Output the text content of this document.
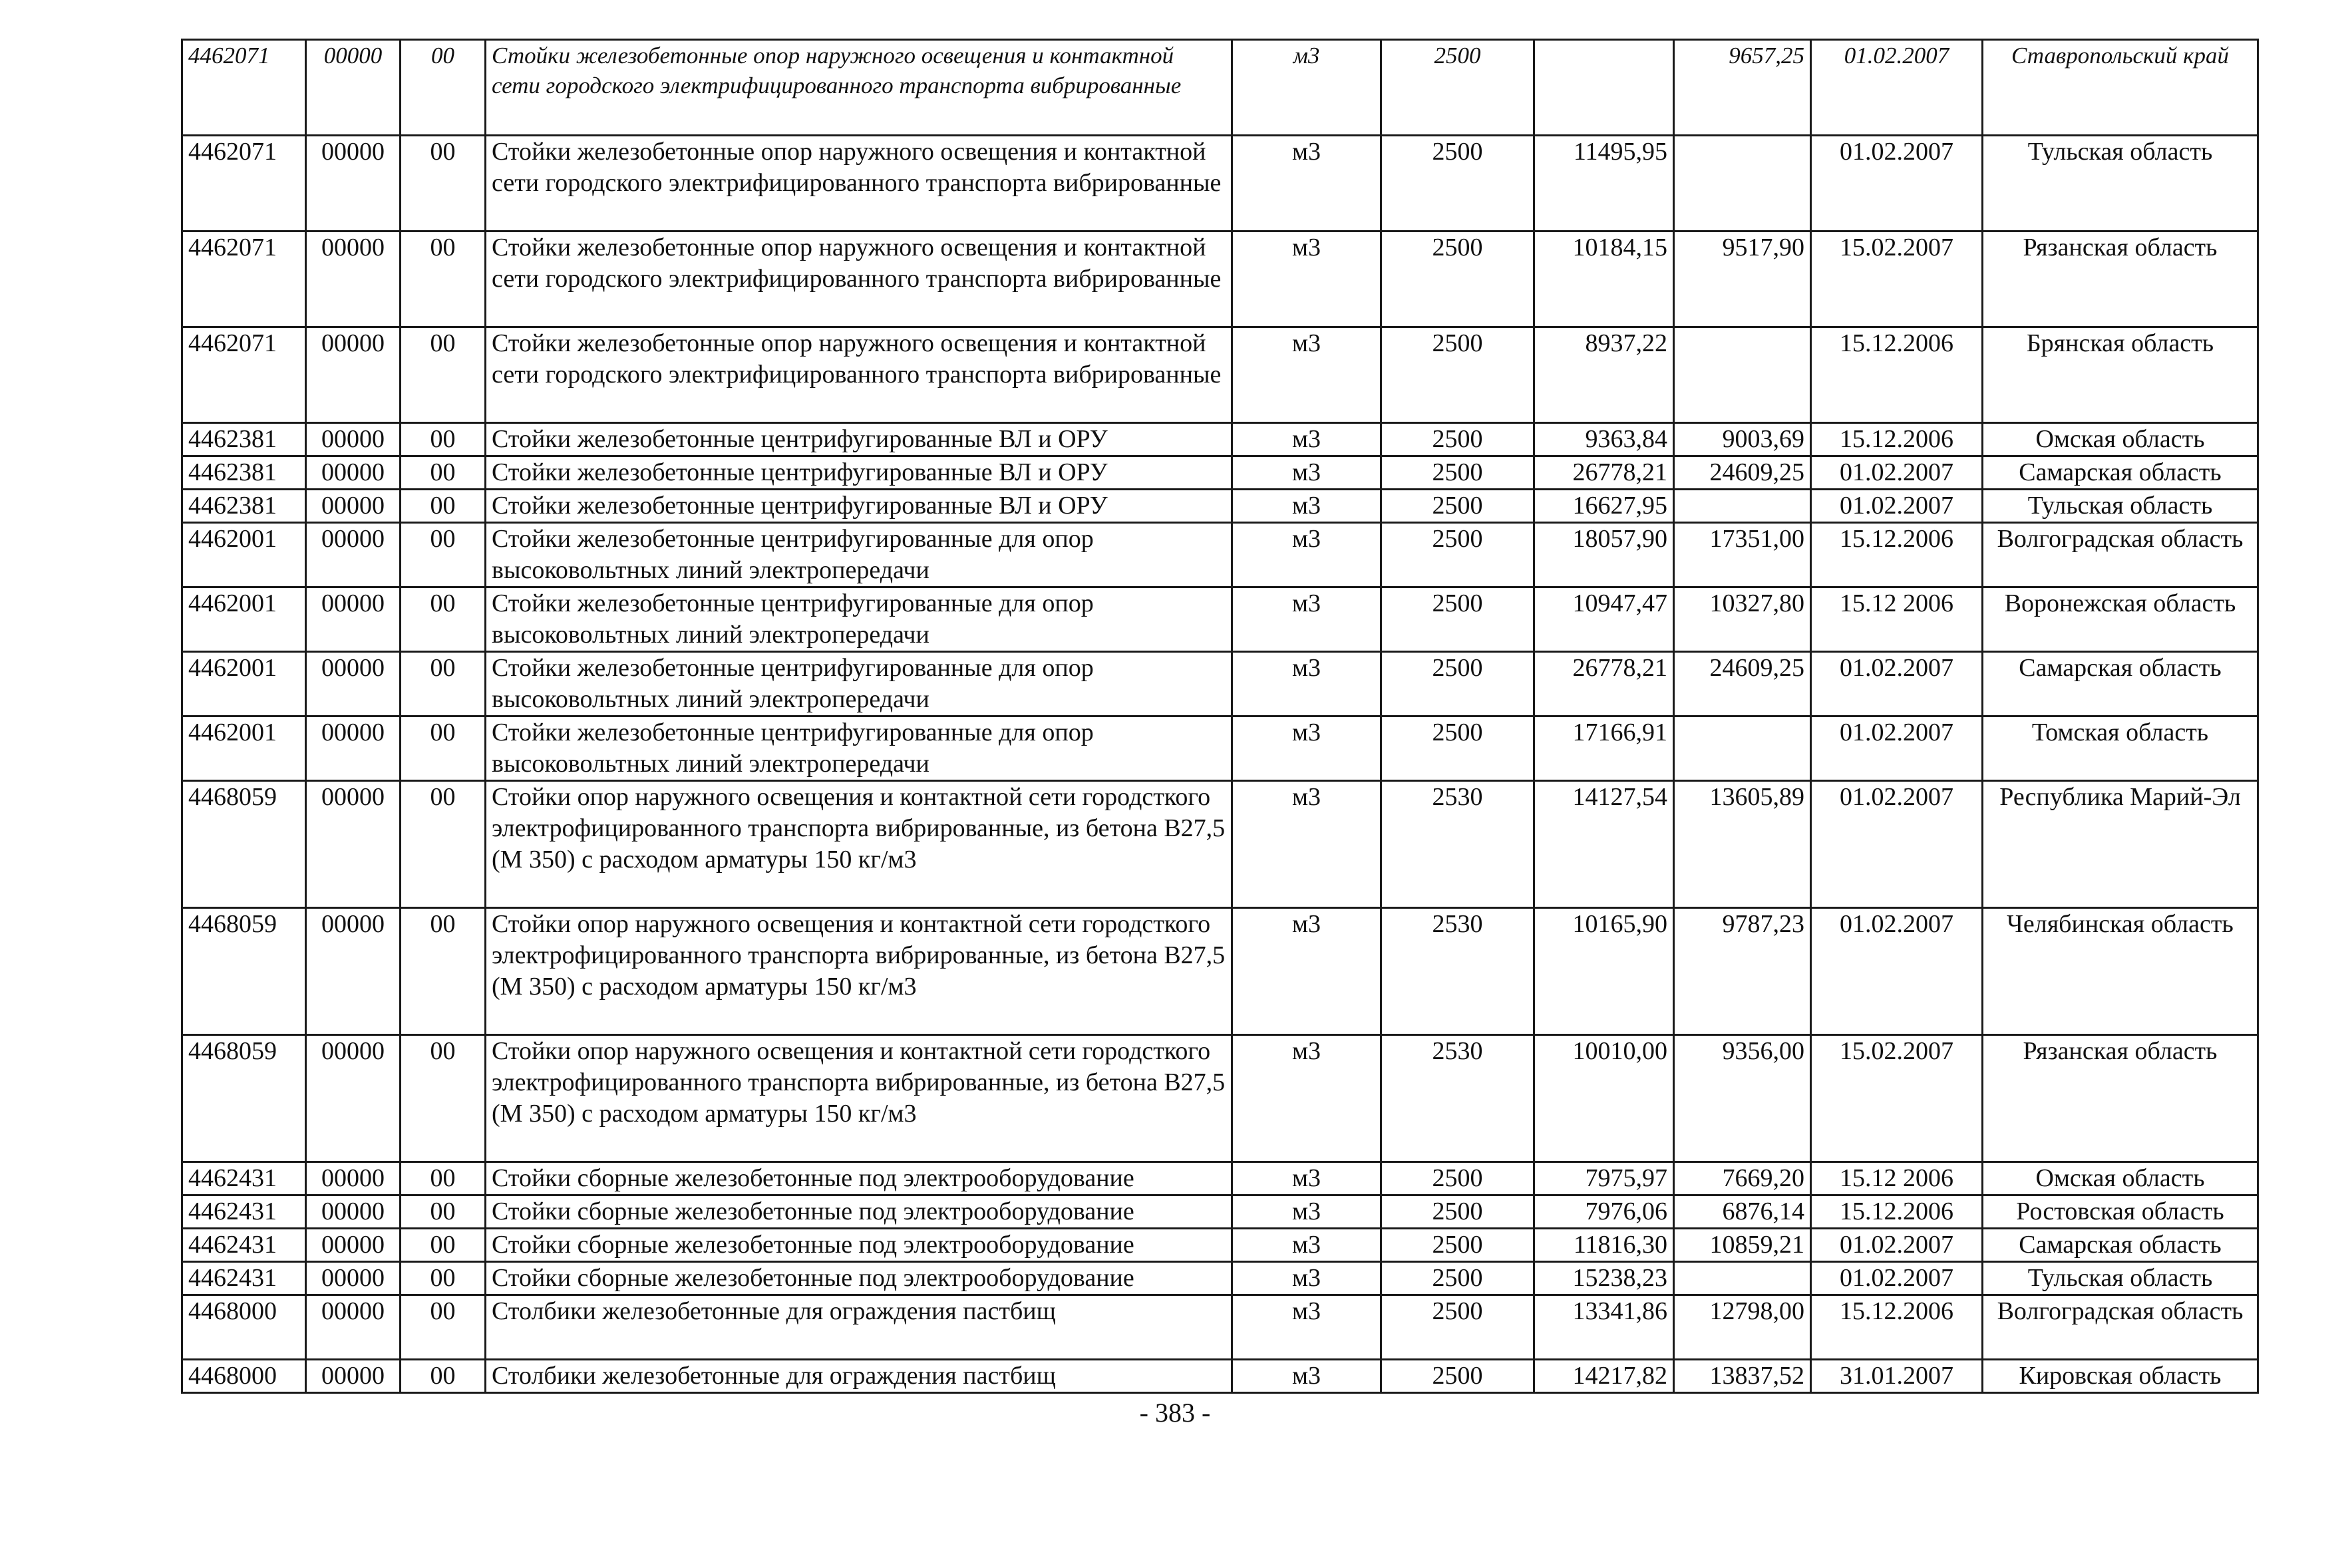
4462071	00000	00	Стойки железобетонные опор наружного освещения и контактной сети городского электрифицированного транспорта вибрированные	м3	2500		9657,25	01.02.2007	Ставропольский край
4462071	00000	00	Стойки железобетонные опор наружного освещения и контактной сети городского электрифицированного транспорта вибрированные	м3	2500	11495,95		01.02.2007	Тульская область
4462071	00000	00	Стойки железобетонные опор наружного освещения и контактной сети городского электрифицированного транспорта вибрированные	м3	2500	10184,15	9517,90	15.02.2007	Рязанская область
4462071	00000	00	Стойки железобетонные опор наружного освещения и контактной сети городского электрифицированного транспорта вибрированные	м3	2500	8937,22		15.12.2006	Брянская область
4462381	00000	00	Стойки железобетонные центрифугированные ВЛ и ОРУ	м3	2500	9363,84	9003,69	15.12.2006	Омская область
4462381	00000	00	Стойки железобетонные центрифугированные ВЛ и ОРУ	м3	2500	26778,21	24609,25	01.02.2007	Самарская область
4462381	00000	00	Стойки железобетонные центрифугированные ВЛ и ОРУ	м3	2500	16627,95		01.02.2007	Тульская область
4462001	00000	00	Стойки железобетонные центрифугированные для опор высоковольтных линий электропередачи	м3	2500	18057,90	17351,00	15.12.2006	Волгоградская область
4462001	00000	00	Стойки железобетонные центрифугированные для опор высоковольтных линий электропередачи	м3	2500	10947,47	10327,80	15.12 2006	Воронежская область
4462001	00000	00	Стойки железобетонные центрифугированные для опор высоковольтных линий электропередачи	м3	2500	26778,21	24609,25	01.02.2007	Самарская область
4462001	00000	00	Стойки железобетонные центрифугированные для опор высоковольтных линий электропередачи	м3	2500	17166,91		01.02.2007	Томская область
4468059	00000	00	Стойки опор наружного освещения и контактной сети городсткого электрофицированного транспорта вибрированные, из бетона В27,5 (М 350) с расходом арматуры 150 кг/м3	м3	2530	14127,54	13605,89	01.02.2007	Республика Марий-Эл
4468059	00000	00	Стойки опор наружного освещения и контактной сети городсткого электрофицированного транспорта вибрированные, из бетона В27,5 (М 350) с расходом арматуры 150 кг/м3	м3	2530	10165,90	9787,23	01.02.2007	Челябинская область
4468059	00000	00	Стойки опор наружного освещения и контактной сети городсткого электрофицированного транспорта вибрированные, из бетона В27,5 (М 350) с расходом арматуры 150 кг/м3	м3	2530	10010,00	9356,00	15.02.2007	Рязанская область
4462431	00000	00	Стойки сборные железобетонные под электрооборудование	м3	2500	7975,97	7669,20	15.12 2006	Омская область
4462431	00000	00	Стойки сборные железобетонные под электрооборудование	м3	2500	7976,06	6876,14	15.12.2006	Ростовская область
4462431	00000	00	Стойки сборные железобетонные под электрооборудование	м3	2500	11816,30	10859,21	01.02.2007	Самарская область
4462431	00000	00	Стойки сборные железобетонные под электрооборудование	м3	2500	15238,23		01.02.2007	Тульская область
4468000	00000	00	Столбики железобетонные для ограждения пастбищ	м3	2500	13341,86	12798,00	15.12.2006	Волгоградская область
4468000	00000	00	Столбики железобетонные для ограждения пастбищ	м3	2500	14217,82	13837,52	31.01.2007	Кировская область
- 383 -
